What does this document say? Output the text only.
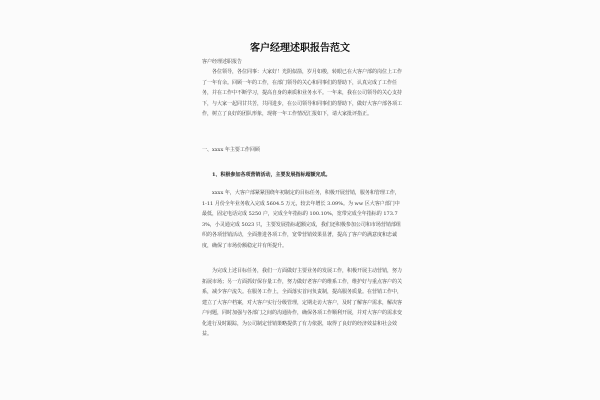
客户经理述职报告范文
客户经理述职报告
各位领导，各位同事：大家好！光阴似箭，岁月如梭，转眼已在大客户部的岗位上工作了一年有余。回顾一年的工作，在部门领导的关心和同事们的帮助下，认真完成了工作任务，并在工作中不断学习，提高自身的素质和业务水平。一年来，我在公司领导的关心支持下，与大家一起同甘共苦，共同进步，在公司领导和同事们的帮助下，做好大客户部各项工作，树立了良好的团队形象，现将一年工作情况汇报如下，请大家批评指正。
一、xxxx 年主要工作回顾
1、积极参加各项营销活动，主要发展指标超额完成。
xxxx 年，大客户部紧紧围绕年初制定的目标任务，积极开展营销，服务和管理工作，1-11 月份全年业务收入完成 5604.5 万元，较去年增长 3.09%。为 ww 区大客户部门中最低，固定电话完成 5250 户，完成全年指标的 100.10%，宽带完成全年指标的 173.73%，小灵通完成 5023 只，主要发展指标超额完成，我们还积极参加公司和市场营销部组织的各项营销活动，全面推进各项工作，宽带营销效果显著，提高了客户的满意度和忠诚度，确保了市场份额稳定并有所提升。
为完成上述目标任务，我们一方面做好主要业务的发展工作，积极开展主动营销，努力拓展市场；另一方面抓好保存量工作，努力做好老客户的维系工作，维护好与重点客户的关系，减少客户流失。在服务工作上，全面落实首问负责制，提高服务质量。在营销工作中，建立了大客户档案，对大客户实行分级管理，定期走访大客户，及时了解客户需求，解决客户问题，同时加强与各部门之间的沟通协作，确保各项工作顺利开展，并对大客户的需求变化进行及时跟踪，为公司制定营销策略提供了有力依据，取得了良好的经济效益和社会效益。
